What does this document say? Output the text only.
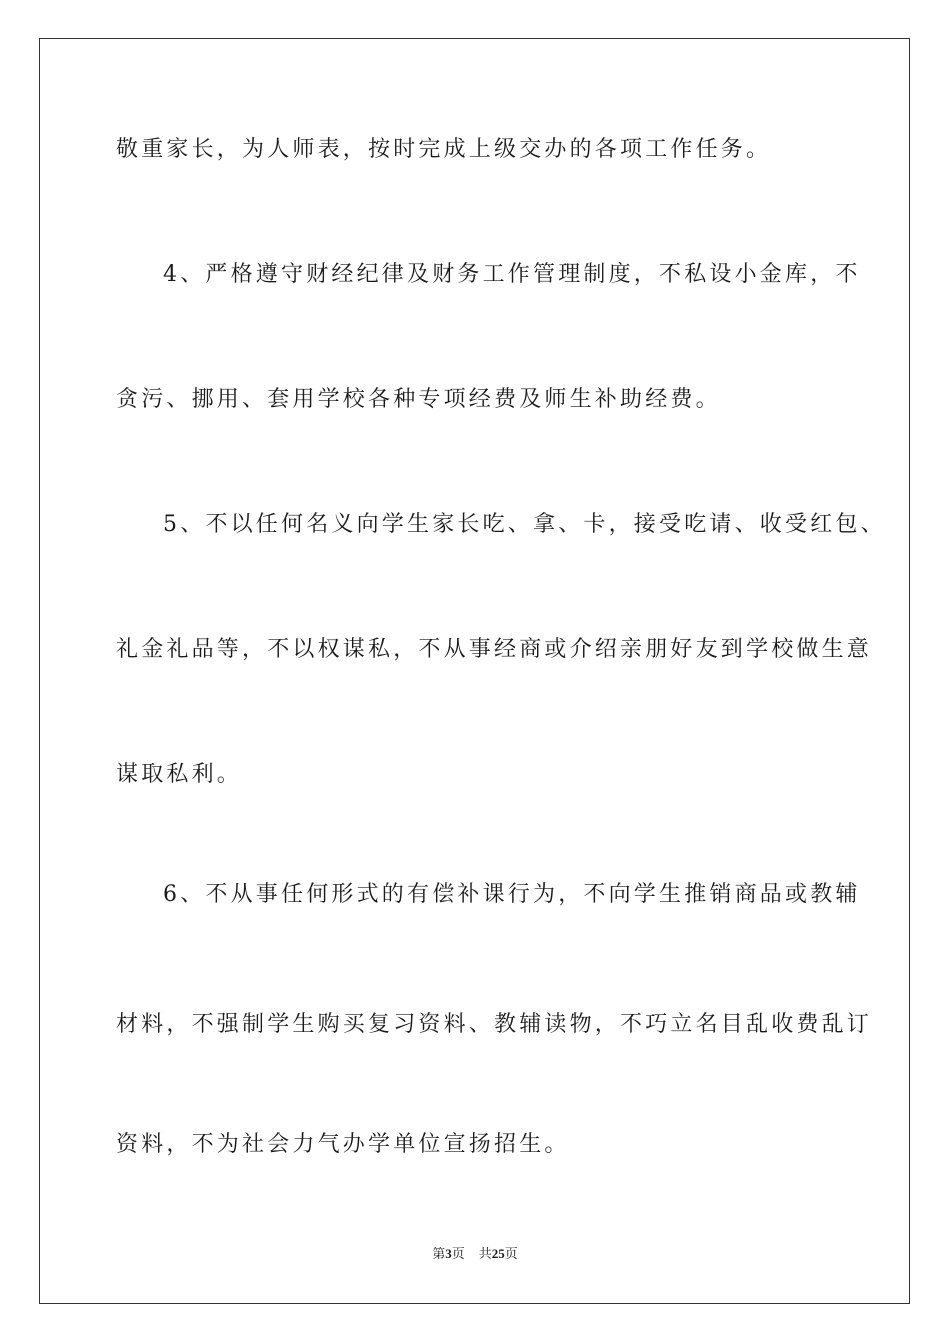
敬重家长，为人师表，按时完成上级交办的各项工作任务。
4、严格遵守财经纪律及财务工作管理制度，不私设小金库，不
贪污、挪用、套用学校各种专项经费及师生补助经费。
5、不以任何名义向学生家长吃、拿、卡，接受吃请、收受红包、
礼金礼品等，不以权谋私，不从事经商或介绍亲朋好友到学校做生意
谋取私利。
6、不从事任何形式的有偿补课行为，不向学生推销商品或教辅
材料，不强制学生购买复习资料、教辅读物，不巧立名目乱收费乱订
资料，不为社会力气办学单位宣扬招生。
第3页 共25页
